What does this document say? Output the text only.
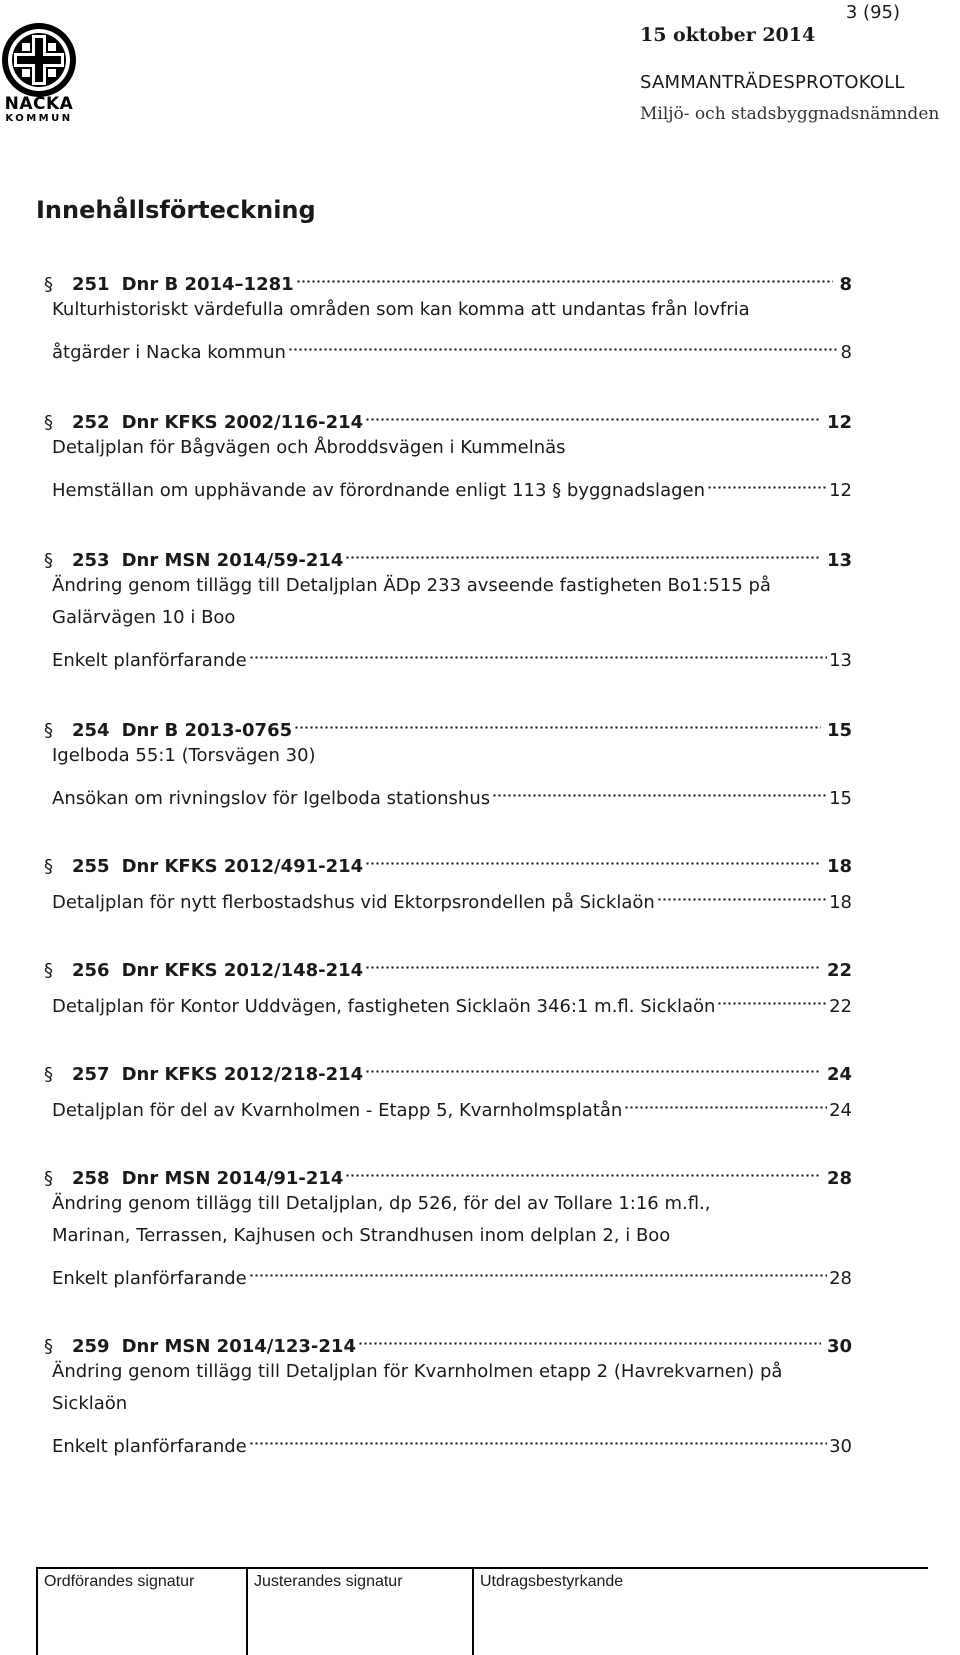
NACKA
KOMMUN
3 (95)
15 oktober 2014
SAMMANTRÄDESPROTOKOLL
Miljö- och stadsbyggnadsnämnden
Innehållsförteckning
§ 251 Dnr B 2014–1281	8
Kulturhistoriskt värdefulla områden som kan komma att undantas från lovfria
åtgärder i Nacka kommun	8
§ 252 Dnr KFKS 2002/116-214	12
Detaljplan för Bågvägen och Åbroddsvägen i Kummelnäs
Hemställan om upphävande av förordnande enligt 113 § byggnadslagen	12
§ 253 Dnr MSN 2014/59-214	13
Ändring genom tillägg till Detaljplan ÄDp 233 avseende fastigheten Bo1:515 på
Galärvägen 10 i Boo
Enkelt planförfarande	13
§ 254 Dnr B 2013-0765	15
Igelboda 55:1 (Torsvägen 30)
Ansökan om rivningslov för Igelboda stationshus	15
§ 255 Dnr KFKS 2012/491-214	18
Detaljplan för nytt flerbostadshus vid Ektorpsrondellen på Sicklaön	18
§ 256 Dnr KFKS 2012/148-214	22
Detaljplan för Kontor Uddvägen, fastigheten Sicklaön 346:1 m.fl. Sicklaön	22
§ 257 Dnr KFKS 2012/218-214	24
Detaljplan för del av Kvarnholmen - Etapp 5, Kvarnholmsplatån	24
§ 258 Dnr MSN 2014/91-214	28
Ändring genom tillägg till Detaljplan, dp 526, för del av Tollare 1:16 m.fl.,
Marinan, Terrassen, Kajhusen och Strandhusen inom delplan 2, i Boo
Enkelt planförfarande	28
§ 259 Dnr MSN 2014/123-214	30
Ändring genom tillägg till Detaljplan för Kvarnholmen etapp 2 (Havrekvarnen) på
Sicklaön
Enkelt planförfarande	30
Ordförandes signatur	Justerandes signatur	Utdragsbestyrkande
